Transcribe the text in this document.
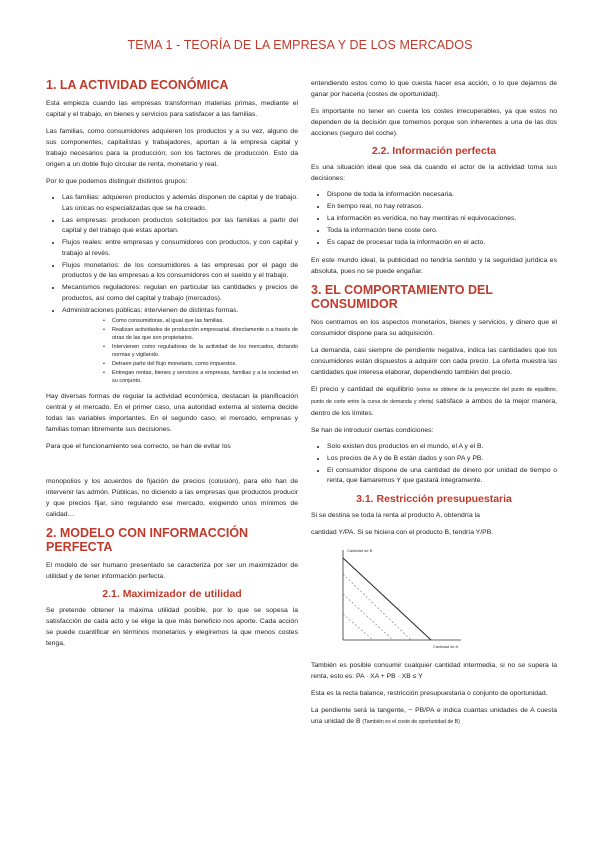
TEMA 1 - TEORÍA DE LA EMPRESA Y DE LOS MERCADOS
1. LA ACTIVIDAD ECONÓMICA

Esta empieza cuando las empresas transforman materias primas, mediante el capital y el trabajo, en bienes y servicios para satisfacer a las familias.

Las familias, como consumidores adquieren los productos y a su vez, alguno de sus componentes, capitalistas y trabajadores, aportan a la empresa capital y trabajo necesarios para la producción; son los factores de producción. Esto da origen a un doble flujo circular de renta, monetario y real.

Por lo que podemos distinguir distintos grupos:

• Las familias: adquieren productos y además disponen de capital y de trabajo. Las únicas no especializadas que se ha creado.
• Las empresas: producen productos solicitados por las familias a partir del capital y del trabajo que estas aportan.
• Flujos reales: entre empresas y consumidores con productos, y con capital y trabajo al revés.
• Flujos monetarios: de los consumidores a las empresas por el pago de productos y de las empresas a los consumidores con el sueldo y el trabajo.
• Mecanismos reguladores: regulan en particular las cantidades y precios de productos, así como del capital y trabajo (mercados).
• Administraciones públicas: intervienen de distintas formas.
• Como consumidoras, al igual que las familias.
• Realizan actividades de producción empresarial, directamente o a través de otras de las que son propietarios.
• Intervienen como reguladoras de la actividad de los mercados, dictando normas y vigilando.
• Detraen parte del flujo monetario, como impuestos.
• Entregan rentas, bienes y servicios a empresas, familias y a la sociedad en su conjunto.

Hay diversas formas de regular la actividad económica, destacan la planificación central y el mercado. En el primer caso, una autoridad externa al sistema decide todas las variables importantes. En el segundo caso, el mercado, empresas y familias toman libremente sus decisiones.

Para que el funcionamiento sea correcto, se han de evitar los

monopolios y los acuerdos de fijación de precios (colusión), para ello han de intervenir las admón. Públicas, no diciendo a las empresas que productos producir y que precios fijar, sino regulando ese mercado, exigiendo unos mínimos de calidad…

2. MODELO CON INFORMACCIÓN PERFECTA

El modelo de ser humano presentado se caracteriza por ser un maximizador de utilidad y de tener información perfecta.

2.1. Maximizador de utilidad

Se pretende obtener la máxima utilidad posible, por lo que se sopesa la satisfacción de cada acto y se elige la que más beneficio nos aporte. Cada acción se puede cuantificar en términos monetarios y elegiremos la que menos costes tenga,

entendiendo estos como lo que cuesta hacer esa acción, o lo que dejamos de ganar por hacerla (costes de oportunidad).

Es importante no tener en cuenta los costes irrecuperables, ya que estos no dependen de la decisión que tomemos porque son inherentes a una de las dos acciones (seguro del coche).

2.2. Información perfecta

Es una situación ideal que sea da cuando el actor de la actividad toma sus decisiones:

• Dispone de toda la información necesaria.
• En tiempo real, no hay retrasos.
• La información es verídica, no hay mentiras ni equivocaciones.
• Toda la información tiene coste cero.
• Es capaz de procesar toda la información en el acto.

En este mundo ideal, la publicidad no tendría sentido y la seguridad jurídica es absoluta, pues no se puede engañar.

3. EL COMPORTAMIENTO DEL CONSUMIDOR

Nos centramos en los aspectos monetarios, bienes y servicios, y dinero que el consumidor dispone para su adquisición.

La demanda, casi siempre de pendiente negativa, indica las cantidades que los consumidores están dispuestos a adquirir con cada precio. La oferta muestra las cantidades que interesa elaborar, dependiendo también del precio.

El precio y cantidad de equilibrio (estos se obtiene de la proyección del punto de equilibrio, punto de corte entre la curva de demanda y oferta) satisface a ambos de la mejor manera, dentro de los límites.

Se han de introducir ciertas condiciones:

• Solo existen dos productos en el mundo, el A y el B.
• Los precios de A y de B están dados y son PA y PB.
• El consumidor dispone de una cantidad de dinero por unidad de tiempo o renta, que llamaremos Y que gastará íntegramente.
3.1. Restricción presupuestaria

Si se destina se toda la renta al producto A, obtendría la

cantidad Y/PA. Si se hiciera con el producto B, tendría Y/PB.

Cantidad de B
Cantidad de A

También es posible consumir cualquier cantidad intermedia, si no se supera la renta, esto es: PA · XA + PB · XB ≤ Y

Esta es la recta balance, restricción presupuestaria o conjunto de oportunidad.

La pendiente será la tangente, − PB/PA e indica cuantas unidades de A cuesta una unidad de B (También es el coste de oportunidad de B)
